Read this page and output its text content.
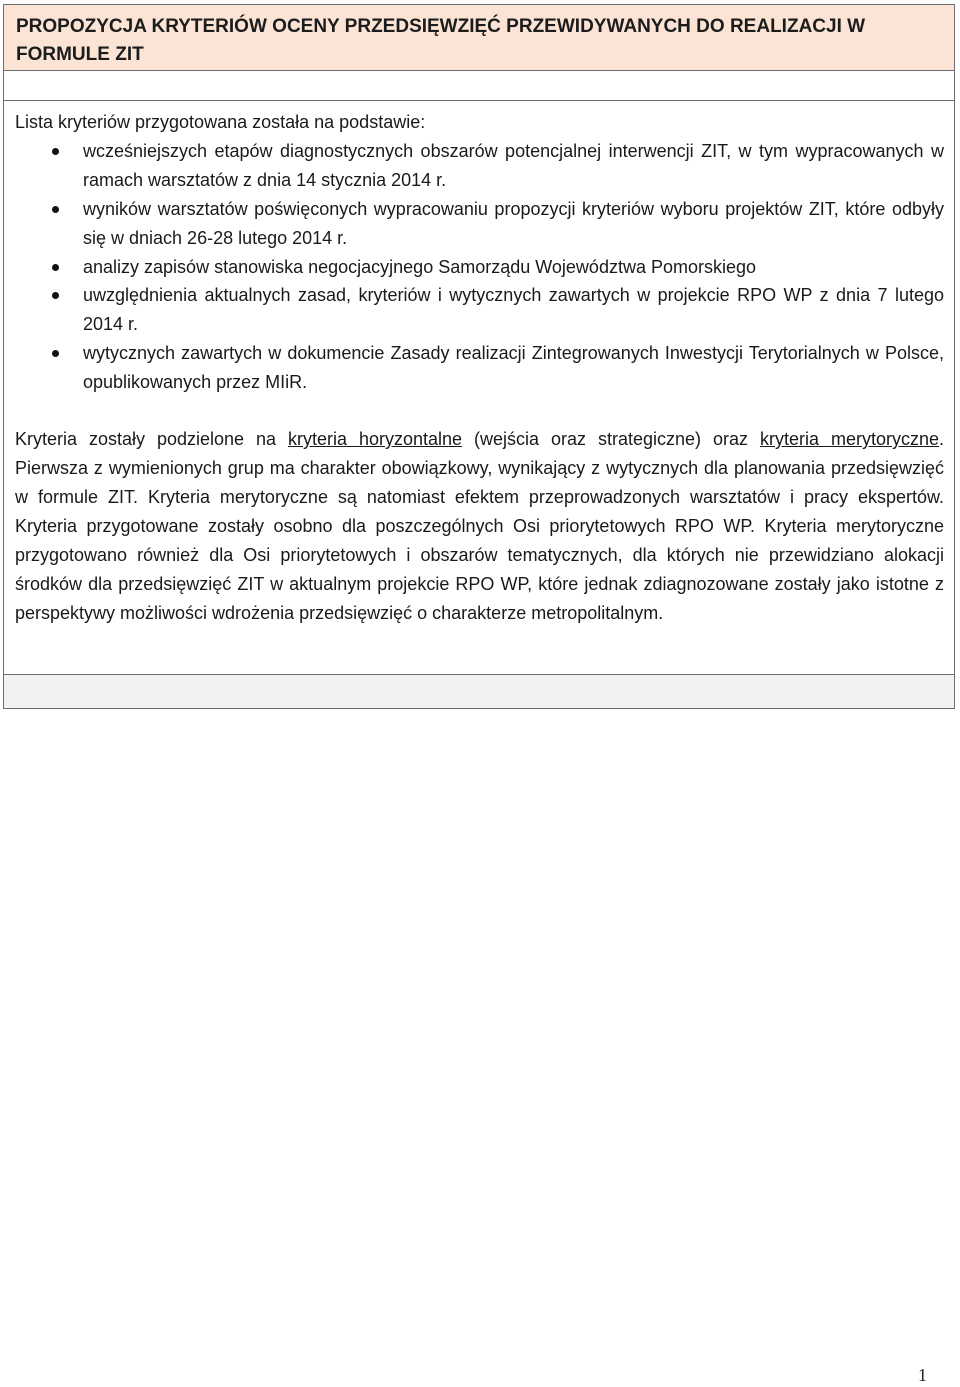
PROPOZYCJA KRYTERIÓW OCENY PRZEDSIĘWZIĘĆ PRZEWIDYWANYCH DO REALIZACJI W FORMULE ZIT

Lista kryteriów przygotowana została na podstawie:

wcześniejszych etapów diagnostycznych obszarów potencjalnej interwencji ZIT, w tym wypracowanych w ramach warsztatów z dnia 14 stycznia 2014 r.
wyników warsztatów poświęconych wypracowaniu propozycji kryteriów wyboru projektów ZIT, które odbyły się w dniach 26-28 lutego 2014 r.
analizy zapisów stanowiska negocjacyjnego Samorządu Województwa Pomorskiego
uwzględnienia aktualnych zasad, kryteriów i wytycznych zawartych w projekcie RPO WP z dnia 7 lutego 2014 r.
wytycznych zawartych w dokumencie Zasady realizacji Zintegrowanych Inwestycji Terytorialnych w Polsce, opublikowanych przez MIiR.

Kryteria zostały podzielone na kryteria horyzontalne (wejścia oraz strategiczne) oraz kryteria merytoryczne. Pierwsza z wymienionych grup ma charakter obowiązkowy, wynikający z wytycznych dla planowania przedsięwzięć w formule ZIT. Kryteria merytoryczne są natomiast efektem przeprowadzonych warsztatów i pracy ekspertów. Kryteria przygotowane zostały osobno dla poszczególnych Osi priorytetowych RPO WP. Kryteria merytoryczne przygotowano również dla Osi priorytetowych i obszarów tematycznych, dla których nie przewidziano alokacji środków dla przedsięwzięć ZIT w aktualnym projekcie RPO WP, które jednak zdiagnozowane zostały jako istotne z perspektywy możliwości wdrożenia przedsięwzięć o charakterze metropolitalnym.

1
